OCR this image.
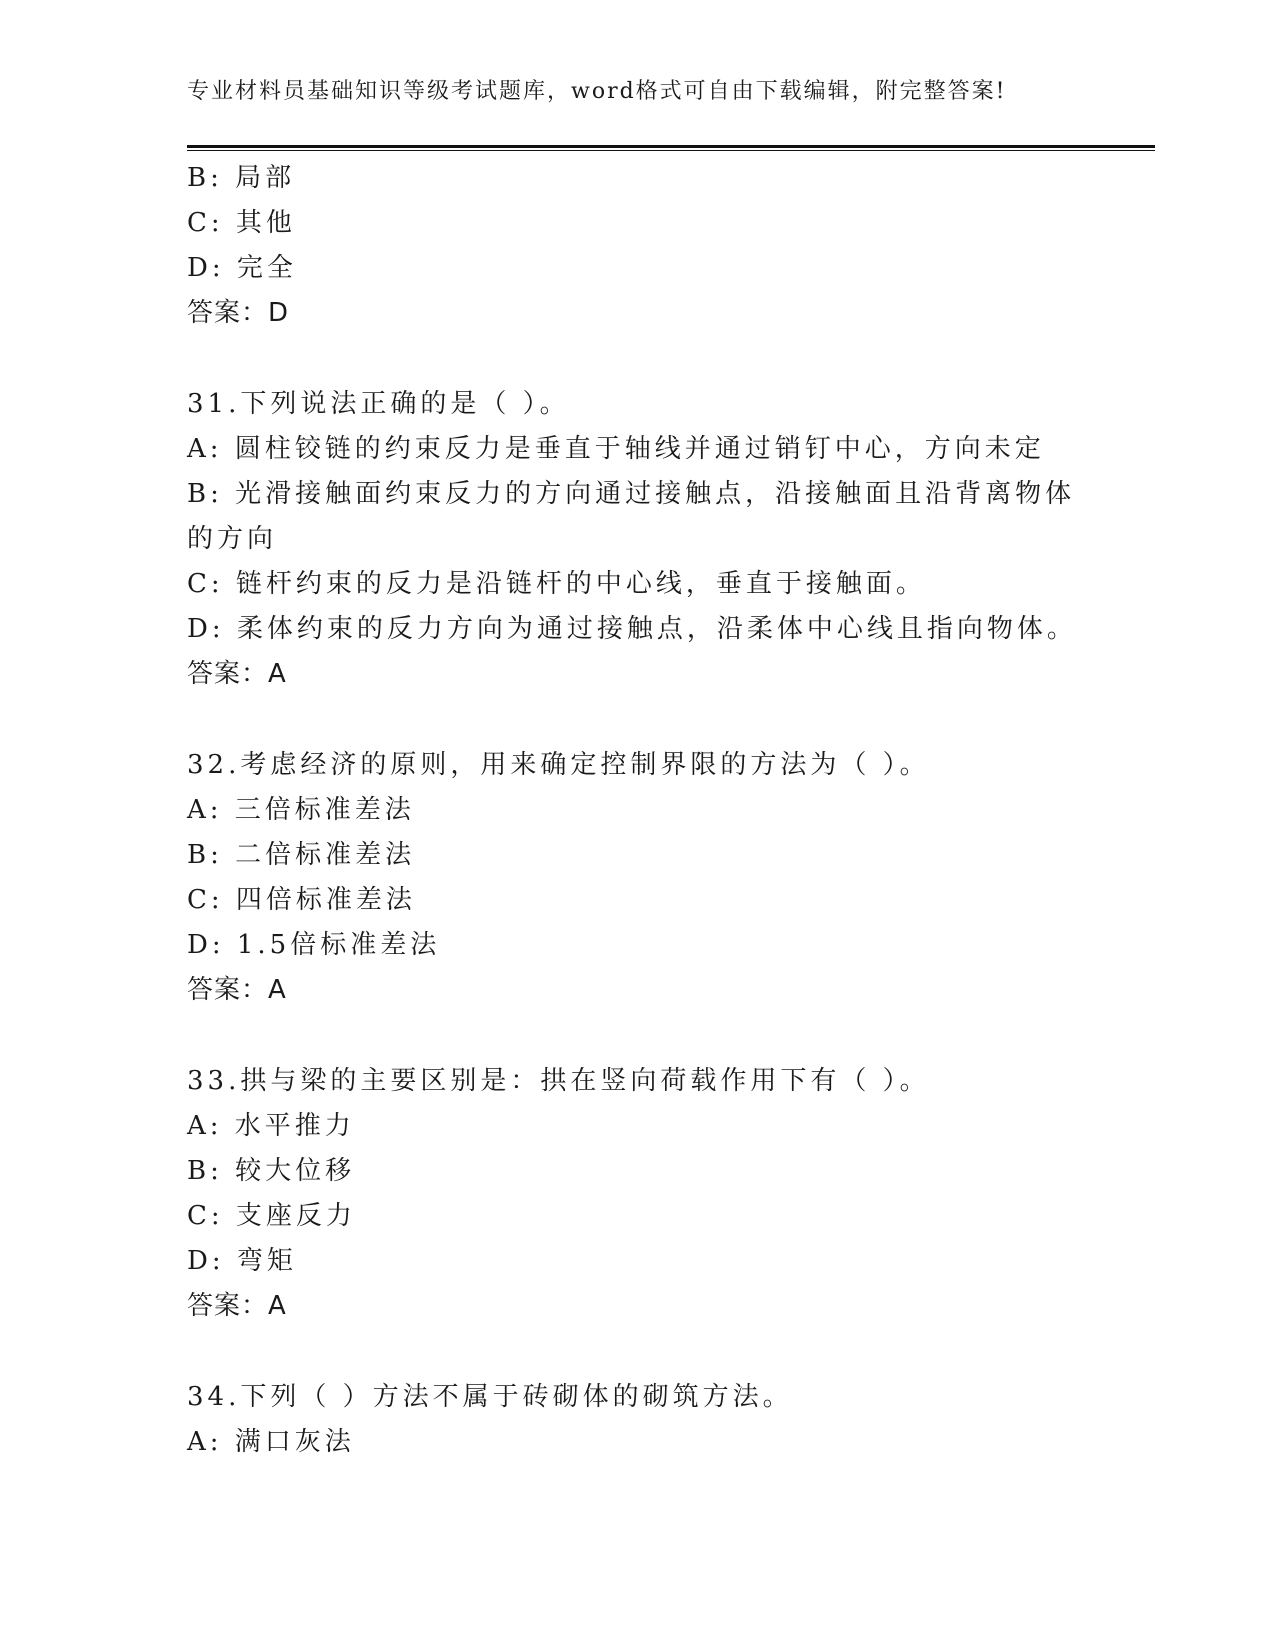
专业材料员基础知识等级考试题库，word格式可自由下载编辑，附完整答案!
B: 局部
C: 其他
D: 完全
答案：D
31.下列说法正确的是（ ）。
A: 圆柱铰链的约束反力是垂直于轴线并通过销钉中心，方向未定
B: 光滑接触面约束反力的方向通过接触点，沿接触面且沿背离物体的方向
C: 链杆约束的反力是沿链杆的中心线，垂直于接触面。
D: 柔体约束的反力方向为通过接触点，沿柔体中心线且指向物体。
答案：A
32.考虑经济的原则，用来确定控制界限的方法为（ ）。
A: 三倍标准差法
B: 二倍标准差法
C: 四倍标准差法
D: 1.5倍标准差法
答案：A
33.拱与梁的主要区别是：拱在竖向荷载作用下有（ ）。
A: 水平推力
B: 较大位移
C: 支座反力
D: 弯矩
答案：A
34.下列（ ）方法不属于砖砌体的砌筑方法。
A: 满口灰法
